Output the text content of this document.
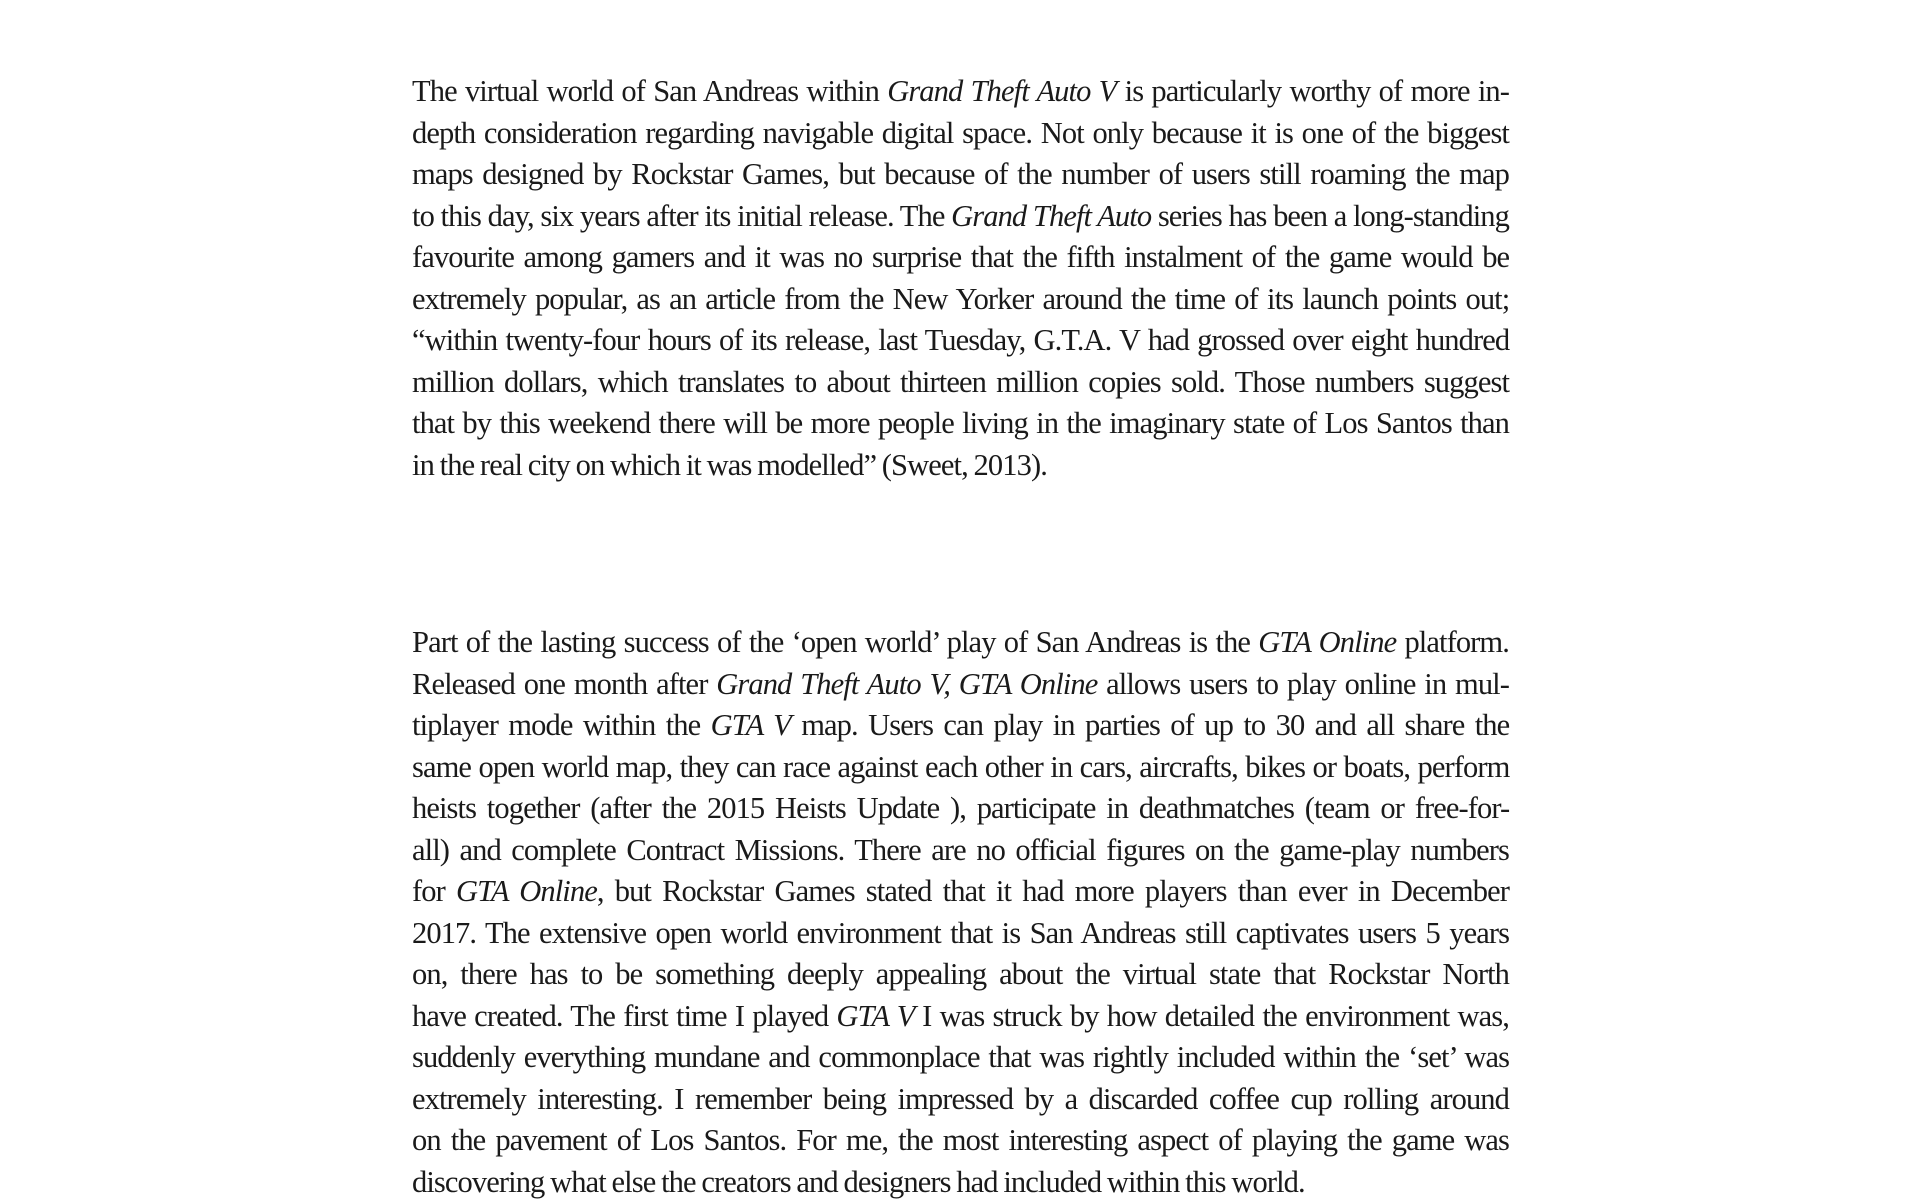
The virtual world of San Andreas within Grand Theft Auto V is particularly worthy of more in-
depth consideration regarding navigable digital space. Not only because it is one of the biggest
maps designed by Rockstar Games, but because of the number of users still roaming the map
to this day, six years after its initial release. The Grand Theft Auto series has been a long-standing
favourite among gamers and it was no surprise that the fifth instalment of the game would be
extremely popular, as an article from the New Yorker around the time of its launch points out;
“within twenty-four hours of its release, last Tuesday, G.T.A. V had grossed over eight hundred
million dollars, which translates to about thirteen million copies sold. Those numbers suggest
that by this weekend there will be more people living in the imaginary state of Los Santos than
in the real city on which it was modelled” (Sweet, 2013).
Part of the lasting success of the ‘open world’ play of San Andreas is the GTA Online platform.
Released one month after Grand Theft Auto V, GTA Online allows users to play online in mul-
tiplayer mode within the GTA V map. Users can play in parties of up to 30 and all share the
same open world map, they can race against each other in cars, aircrafts, bikes or boats, perform
heists together (after the 2015 Heists Update ), participate in deathmatches (team or free-for-
all) and complete Contract Missions. There are no official figures on the game-play numbers
for GTA Online, but Rockstar Games stated that it had more players than ever in December
2017. The extensive open world environment that is San Andreas still captivates users 5 years
on, there has to be something deeply appealing about the virtual state that Rockstar North
have created. The first time I played GTA V I was struck by how detailed the environment was,
suddenly everything mundane and commonplace that was rightly included within the ‘set’ was
extremely interesting. I remember being impressed by a discarded coffee cup rolling around
on the pavement of Los Santos. For me, the most interesting aspect of playing the game was
discovering what else the creators and designers had included within this world.
